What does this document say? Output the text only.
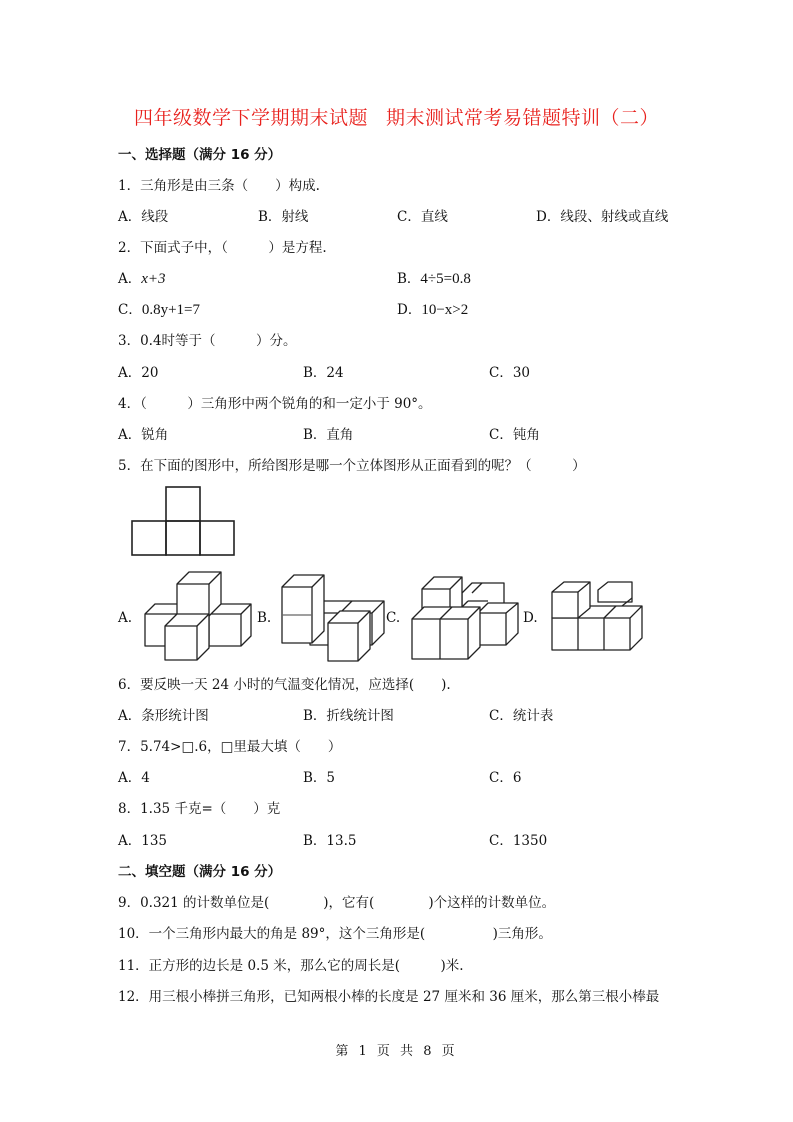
四年级数学下学期期末试题 期末测试常考易错题特训（二）
一、选择题（满分 16 分）
1．三角形是由三条（　　）构成.
A．线段	B．射线	C．直线	D．线段、射线或直线
2．下面式子中，（　　　）是方程.
A．x+3	B．4÷5=0.8
C．0.8y+1=7	D．10−x>2
3．0.4时等于（　　　）分。
A．20	B．24	C．30
4．（　　　）三角形中两个锐角的和一定小于 90°。
A．锐角	B．直角	C．钝角
5．在下面的图形中，所给图形是哪一个立体图形从正面看到的呢？（　　　）
A.	B.	C.	D.
6．要反映一天 24 小时的气温变化情况，应选择(　　).
A．条形统计图	B．折线统计图	C．统计表
7．5.74>□.6，□里最大填（　　）
A．4	B．5	C．6
8．1.35 千克=（　　）克
A．135	B．13.5	C．1350
二、填空题（满分 16 分）
9．0.321 的计数单位是(　　　　)，它有(　　　　)个这样的计数单位。
10．一个三角形内最大的角是 89°，这个三角形是(　　　　　)三角形。
11．正方形的边长是 0.5 米，那么它的周长是(　　　)米.
12．用三根小棒拼三角形，已知两根小棒的长度是 27 厘米和 36 厘米，那么第三根小棒最
第 1 页 共 8 页
